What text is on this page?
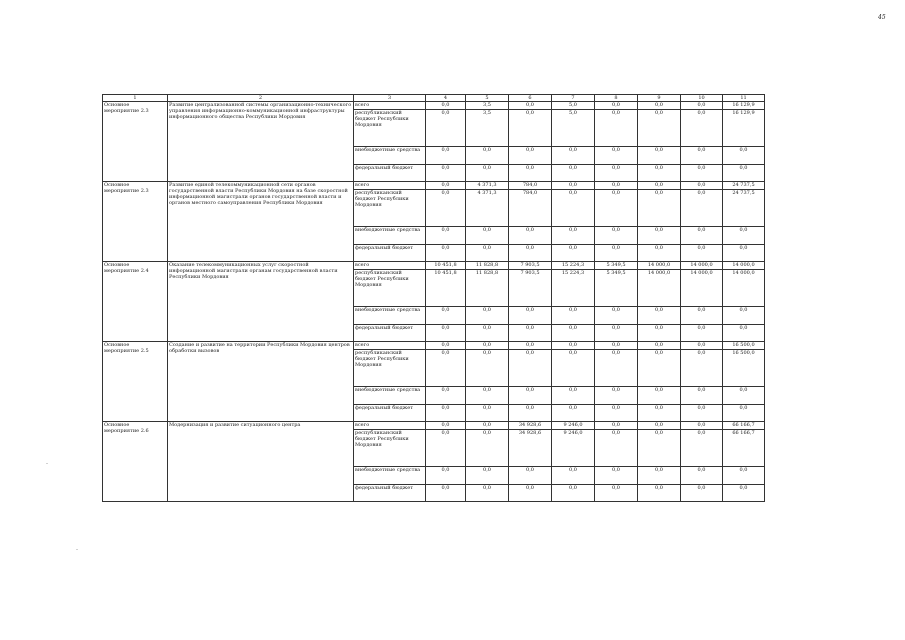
45
1	2	3	4	5	6	7	8	9	10	11
Основное мероприятие 2.3	Развитие централизованной системы организационно-технического управления информационно-коммуникационной инфраструктуры информационного общества Республики Мордовия	всего	0,0	3,5	0,0	5,0	0,0	0,0	0,0	16 129,9
		республиканский бюджет Республики Мордовия	0,0	3,5	0,0	5,0	0,0	0,0	0,0	16 129,9
		внебюджетные средства	0,0	0,0	0,0	0,0	0,0	0,0	0,0	0,0
		федеральный бюджет	0,0	0,0	0,0	0,0	0,0	0,0	0,0	0,0
Основное мероприятие 2.3	Развитие единой телекоммуникационной сети органов государственной власти Республики Мордовия на базе скоростной информационной магистрали органов государственной власти и органов местного самоуправления Республики Мордовия	всего	0,0	4 371,3	784,0	0,0	0,0	0,0	0,0	24 737,5
		республиканский бюджет Республики Мордовия	0,0	4 371,3	784,0	0,0	0,0	0,0	0,0	24 737,5
		внебюджетные средства	0,0	0,0	0,0	0,0	0,0	0,0	0,0	0,0
		федеральный бюджет	0,0	0,0	0,0	0,0	0,0	0,0	0,0	0,0
Основное мероприятие 2.4	Оказание телекоммуникационных услуг скоростной информационной магистрали органам государственной власти Республики Мордовия	всего	10 451,8	11 828,8	7 903,5	15 224,3	5 349,5	14 000,0	14 000,0	14 000,0
		республиканский бюджет Республики Мордовия	10 451,8	11 828,8	7 903,5	15 224,3	5 349,5	14 000,0	14 000,0	14 000,0
		внебюджетные средства	0,0	0,0	0,0	0,0	0,0	0,0	0,0	0,0
		федеральный бюджет	0,0	0,0	0,0	0,0	0,0	0,0	0,0	0,0
Основное мероприятие 2.5	Создание и развитие на территории Республики Мордовия центров обработки вызовов	всего	0,0	0,0	0,0	0,0	0,0	0,0	0,0	16 500,0
		республиканский бюджет Республики Мордовия	0,0	0,0	0,0	0,0	0,0	0,0	0,0	16 500,0
		внебюджетные средства	0,0	0,0	0,0	0,0	0,0	0,0	0,0	0,0
		федеральный бюджет	0,0	0,0	0,0	0,0	0,0	0,0	0,0	0,0
Основное мероприятие 2.6	Модернизация и развитие ситуационного центра	всего	0,0	0,0	34 928,6	9 246,0	0,0	0,0	0,0	66 166,7
		республиканский бюджет Республики Мордовия	0,0	0,0	34 928,6	9 246,0	0,0	0,0	0,0	66 166,7
		внебюджетные средства	0,0	0,0	0,0	0,0	0,0	0,0	0,0	0,0
		федеральный бюджет	0,0	0,0	0,0	0,0	0,0	0,0	0,0	0,0
-
-
